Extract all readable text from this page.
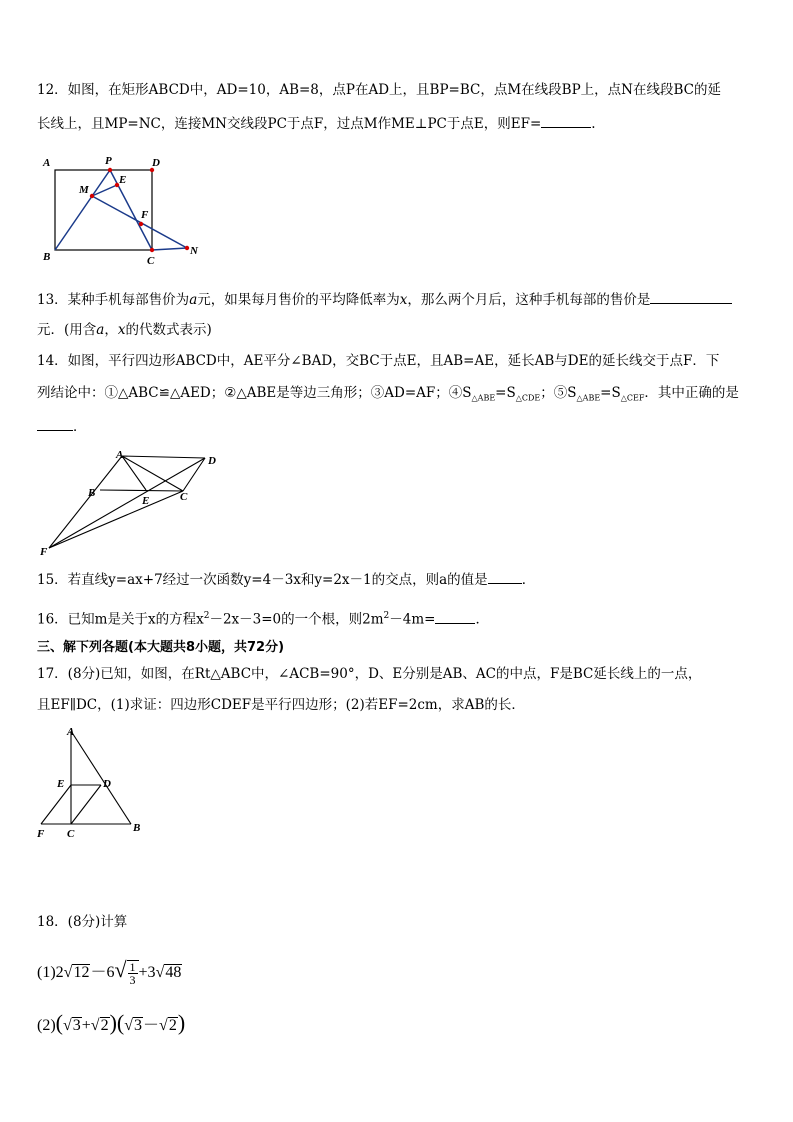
12．如图，在矩形ABCD中，AD=10，AB=8，点P在AD上，且BP=BC，点M在线段BP上，点N在线段BC的延
长线上，且MP=NC，连接MN交线段PC于点F，过点M作ME⊥PC于点E，则EF=	.
A	P	D
M
E
F
B	C
N
13．某种手机每部售价为a元，如果每月售价的平均降低率为x，那么两个月后，这种手机每部的售价是
元．(用含a，x的代数式表示)
14．如图，平行四边形ABCD中，AE平分∠BAD，交BC于点E，且AB=AE，延长AB与DE的延长线交于点F．下
列结论中：①△ABC≌△AED；②△ABE是等边三角形；③AD=AF；$④S_{\triangle ABE}=S_{\triangle CDE}$；$⑤S_{\triangle ABE}=S_{\triangle CEF}$．其中正确的是
．
A	D
B
E	C
F
15．若直线y=ax+7经过一次函数y=4－3x和y=2x－1的交点，则a的值是	．
16．已知m是关于x的方程$x^2-2x-3=0$的一个根，则$2m^2-4m=$	．
三、解下列各题(本大题共8小题，共72分)
17．(8分)已知，如图，在Rt△ABC中，∠ACB=90°，D、E分别是AB、AC的中点，F是BC延长线上的一点，
且EF∥DC，(1)求证：四边形CDEF是平行四边形；(2)若EF=2cm，求AB的长．
A
E	D
F C	B
18．(8分)计算
$(1)2√12-6√ \frac{1}{3} +3√48$
(2)(√3+√2)(√3－√2)
